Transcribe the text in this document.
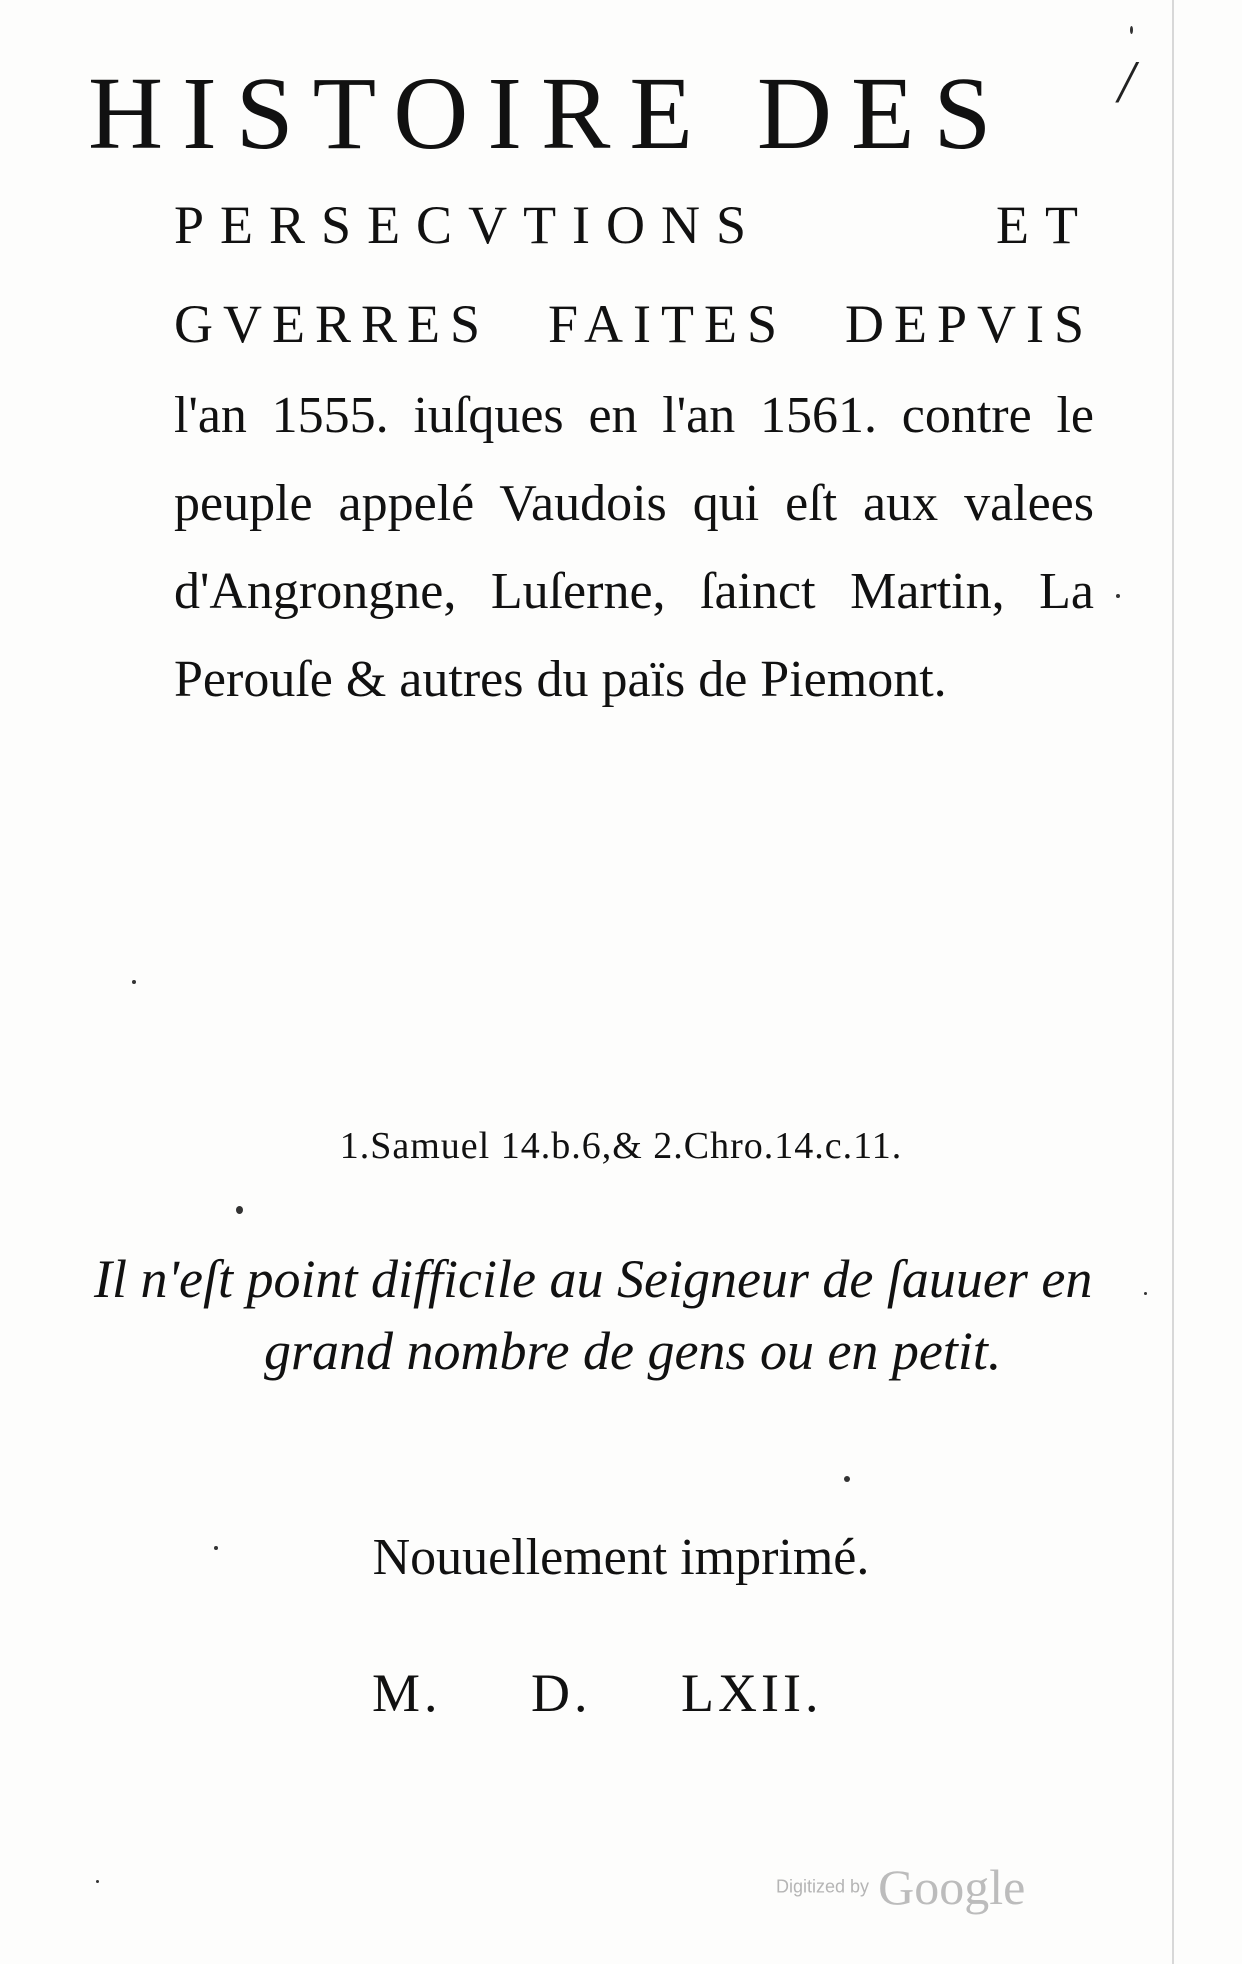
/
HISTOIRE DES
PERSECVTIONS ET
GVERRES FAITES DEPVIS
l'an 1555. iuſques en l'an 1561. contre le
peuple appelé Vaudois qui eſt aux valees
d'Angrongne, Luſerne, ſainct Martin, La
Perouſe & autres du païs de Piemont.
1.Samuel 14.b.6,& 2.Chro.14.c.11.
Il n'eſt point difficile au Seigneur de ſauuer en
grand nombre de gens ou en petit.
Nouuellement imprimé.
M. D. LXII.
Digitized by Google
